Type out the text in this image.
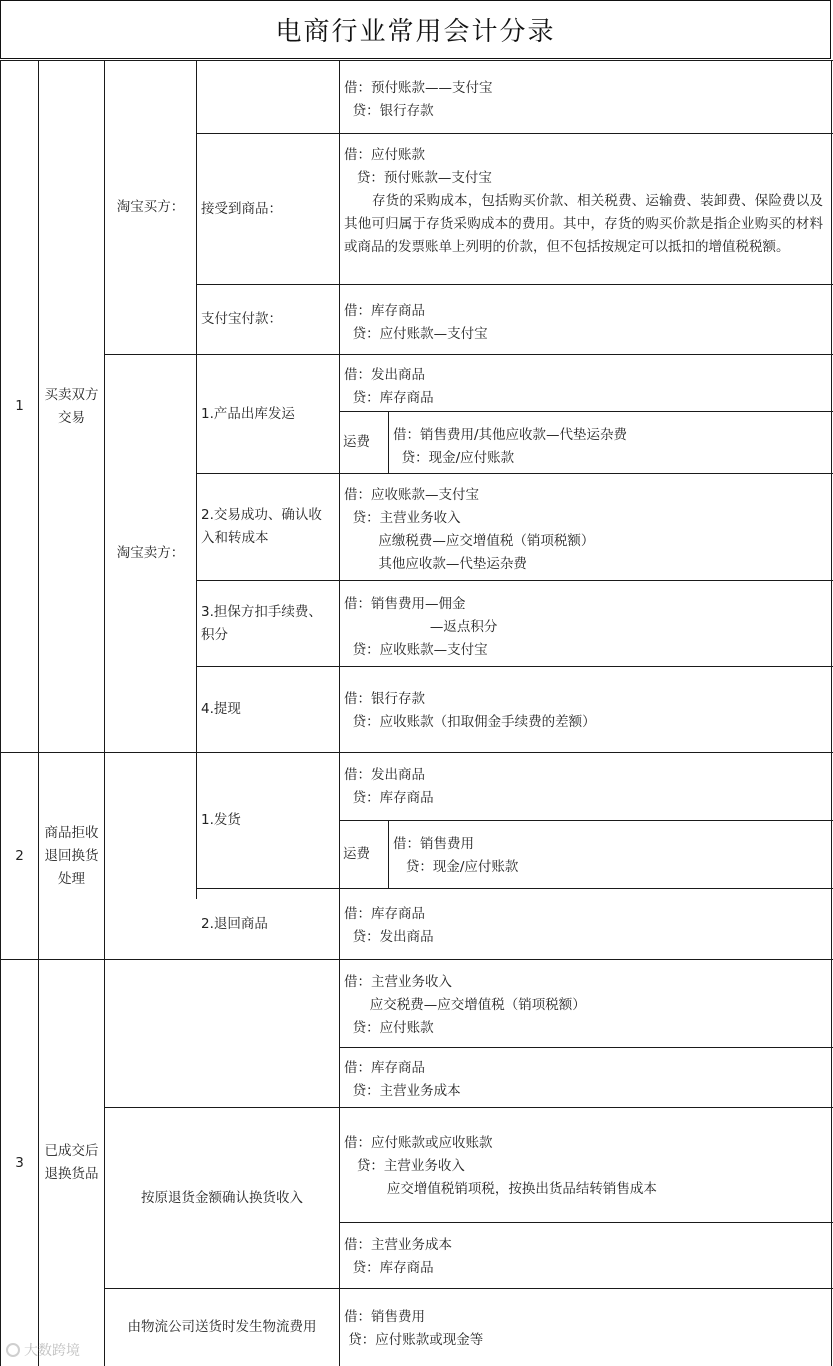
电商行业常用会计分录
1
买卖双方交易
淘宝买方：
淘宝卖方：

借：预付账款——支付宝

贷：银行存款

接受到商品：

借：应付账款

贷：预付账款—支付宝

存货的采购成本，包括购买价款、相关税费、运输费、装卸费、保险费以及其他可归属于存货采购成本的费用。其中，存货的购买价款是指企业购买的材料或商品的发票账单上列明的价款，但不包括按规定可以抵扣的增值税税额。

支付宝付款：	借：库存商品

贷：应付账款—支付宝

1.产品出库发运

借：发出商品

贷：库存商品

运费	借：销售费用/其他应收款—代垫运杂费

贷：现金/应付账款

2.交易成功、确认收入和转成本

借：应收账款—支付宝

贷：主营业务收入

应缴税费—应交增值税（销项税额）

其他应收款—代垫运杂费

3.担保方扣手续费、积分

借：销售费用—佣金

—返点积分

贷：应收账款—支付宝

4.提现

借：银行存款

贷：应收账款（扣取佣金手续费的差额）

2
商品拒收退回换货处理
1.发货

借：发出商品

贷：库存商品

运费

借：销售费用

贷：现金/应付账款

2.退回商品

借：库存商品

贷：发出商品

3
已成交后退换货品

借：主营业务收入

应交税费—应交增值税（销项税额）

贷：应付账款

借：库存商品

贷：主营业务成本

按原退货金额确认换货收入

借：应付账款或应收账款

贷：主营业务收入

应交增值税销项税，按换出货品结转销售成本

借：主营业务成本

贷：库存商品

由物流公司送货时发生物流费用

借：销售费用

贷：应付账款或现金等

大数跨境
